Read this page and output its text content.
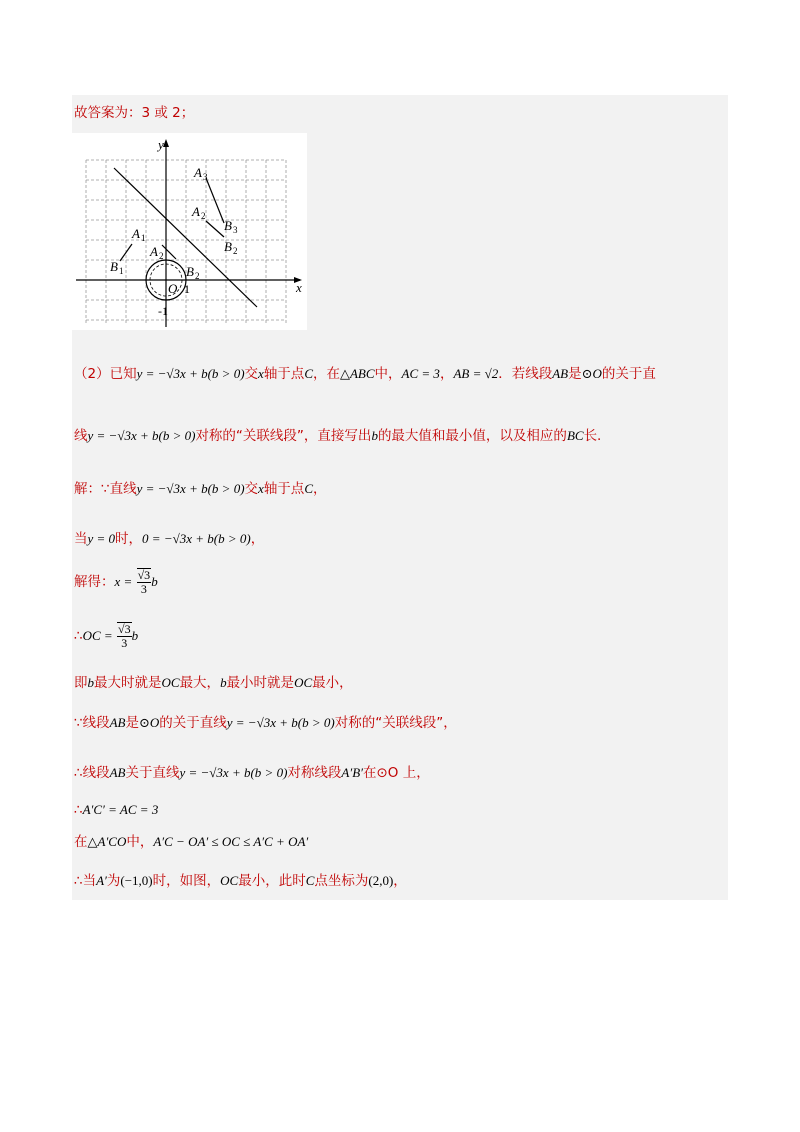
故答案为：3 或 2；
y
x
O
A
A
B
B
A
B
A
B
3
2
3
2
1
1
2
2
1
-1
（2）已知y = −√3x + b(b > 0)交x轴于点C，在△ABC中，AC = 3，AB = √2．若线段AB是⊙O的关于直
线y = −√3x + b(b > 0)对称的“关联线段”，直接写出b的最大值和最小值，以及相应的BC长.
解：∵直线y = −√3x + b(b > 0)交x轴于点C，
当y = 0时，0 = −√3x + b(b > 0)，
解得：$x = \frac{√3}{3}$ b
∴OC = $\frac{√3}{3}$ b
即b最大时就是OC最大，b最小时就是OC最小，
∵线段AB是⊙O的关于直线y = −√3x + b(b > 0)对称的“关联线段”，
∴线段AB关于直线y = −√3x + b(b > 0)对称线段A′B′在⊙O 上，
∴A′C′ = AC = 3
在△A′CO中，A′C − OA′ ≤ OC ≤ A′C + OA′
∴当A′为(−1,0)时，如图，OC最小，此时C点坐标为(2,0)，
